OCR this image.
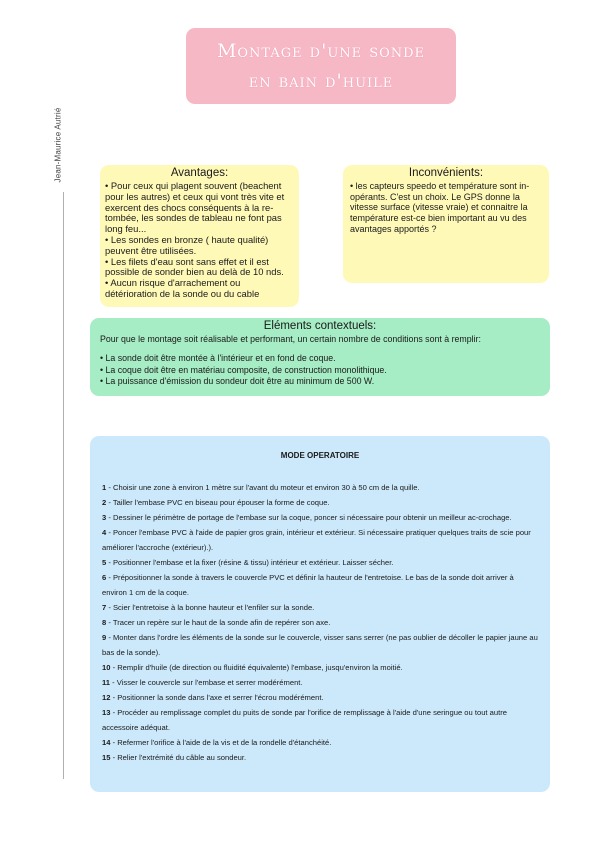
Montage d'une sonde
en bain d'huile
Jean-Maurice Autrié	Avantages:
• Pour ceux qui plagent souvent (beachent pour les autres) et ceux qui vont très vite et exercent des chocs conséquents à la re-tombée, les sondes de tableau ne font pas long feu...
• Les sondes en bronze ( haute qualité) peuvent être utilisées.
• Les filets d'eau sont sans effet et il est possible de sonder bien au delà de 10 nds.
• Aucun risque d'arrachement ou détérioration de la sonde ou du cable
Inconvénients:
• les capteurs speedo et température sont in-opérants. C'est un choix. Le GPS donne la vitesse surface (vitesse vraie) et connaitre la température est-ce bien important au vu des avantages apportés ?
Eléments contextuels:

Pour que le montage soit réalisable et performant, un certain nombre de conditions sont à remplir:

• La sonde doit être montée à l'intérieur et en fond de coque.
• La coque doit être en matériau composite, de construction monolithique.
• La puissance d'émission du sondeur doit être au minimum de 500 W.
MODE OPERATOIRE
1 - Choisir une zone à environ 1 mètre sur l'avant du moteur et environ 30 à 50 cm de la quille.
2 - Tailler l'embase PVC en biseau pour épouser la forme de coque.
3 - Dessiner le périmètre de portage de l'embase sur la coque, poncer si nécessaire pour obtenir un meilleur ac-crochage.
4 - Poncer l'embase PVC à l'aide de papier gros grain, intérieur et extérieur. Si nécessaire pratiquer quelques traits de scie pour améliorer l'accroche (extérieur).).
5 - Positionner l'embase et la fixer (résine & tissu) intérieur et extérieur. Laisser sécher.
6 - Prépositionner la sonde à travers le couvercle PVC et définir la hauteur de l'entretoise. Le bas de la sonde doit arriver à environ 1 cm de la coque.
7 - Scier l'entretoise à la bonne hauteur et l'enfiler sur la sonde.
8 - Tracer un repère sur le haut de la sonde afin de repérer son axe.
9 - Monter dans l'ordre les éléments de la sonde sur le couvercle, visser sans serrer (ne pas oublier de décoller le papier jaune au bas de la sonde).
10 - Remplir d'huile (de direction ou fluidité équivalente) l'embase, jusqu'environ la moitié.
11 - Visser le couvercle sur l'embase et serrer modérément.
12 - Positionner la sonde dans l'axe et serrer l'écrou modérément.
13 - Procéder au remplissage complet du puits de sonde par l'orifice de remplissage à l'aide d'une seringue ou tout autre accessoire adéquat.
14 - Refermer l'orifice à l'aide de la vis et de la rondelle d'étanchéité.
15 - Relier l'extrémité du câble au sondeur.
